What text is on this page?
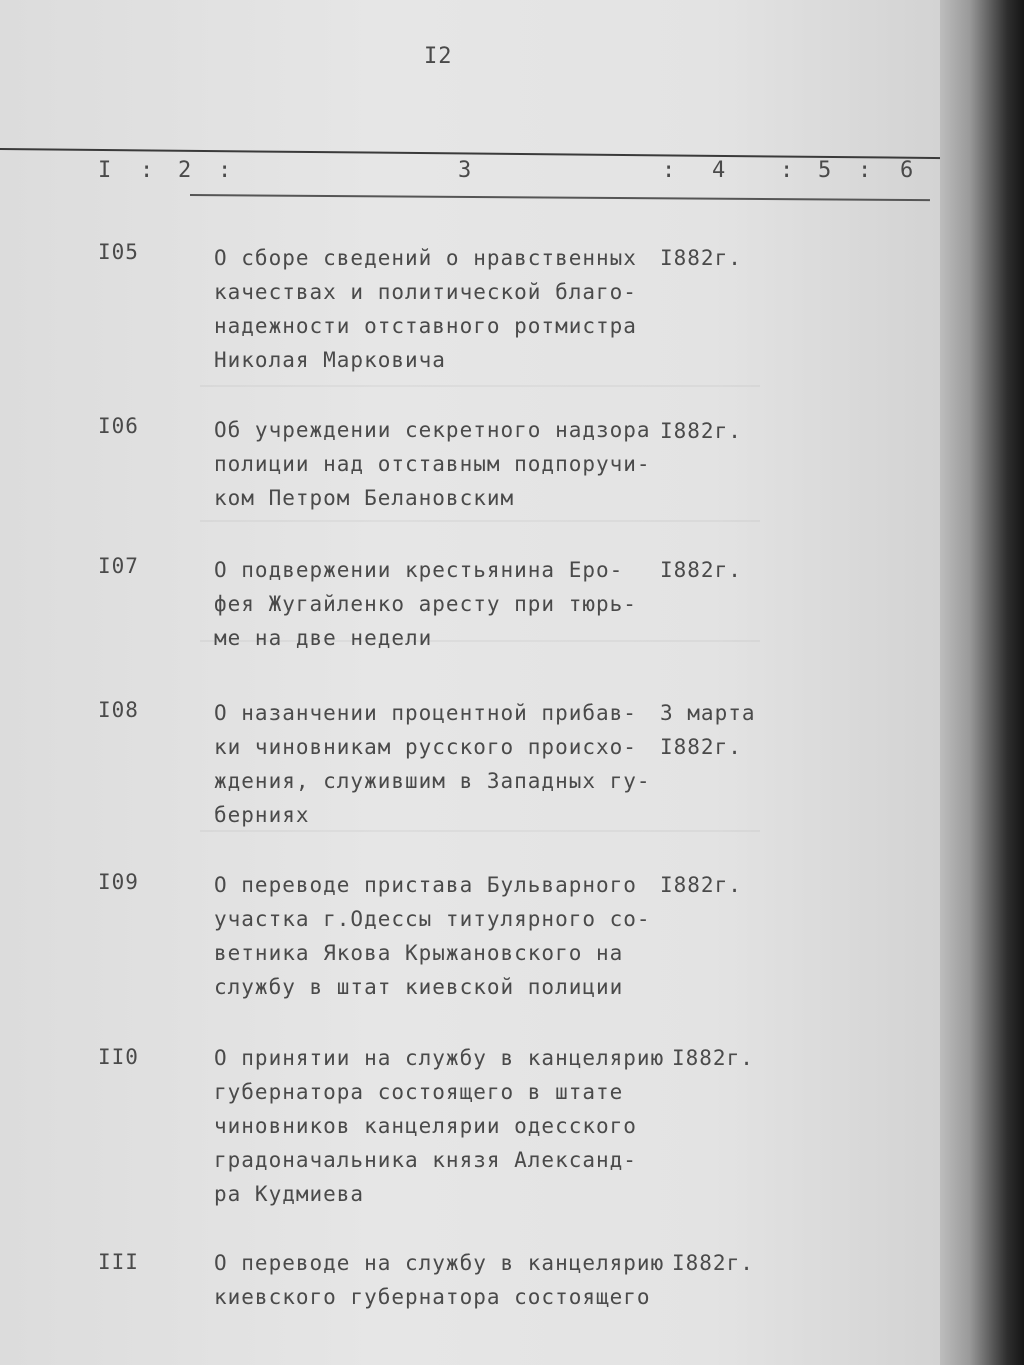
I2
I : 2 :	3	: 4 : 5 : 6
I05	О сборе сведений о нравственных
качествах и политической благо-
надежности отставного ротмистра
Николая Марковича
I882г.
I06	Об учреждении секретного надзора
полиции над отставным подпоручи-
ком Петром Белановским
I882г.
I07	О подвержении крестьянина Еро-
фея Жугайленко аресту при тюрь-
ме на две недели
I882г.
I08	О назанчении процентной прибав-
ки чиновникам русского происхо-
ждения, служившим в Западных гу-
берниях
3 марта
I882г.
I09	О переводе пристава Бульварного
участка г.Одессы титулярного со-
ветника Якова Крыжановского на
службу в штат киевской полиции
I882г.
II0	О принятии на службу в канцелярию
губернатора состоящего в штате
чиновников канцелярии одесского
градоначальника князя Александ-
ра Кудмиева
I882г.
III	О переводе на службу в канцелярию
киевского губернатора состоящего
I882г.
